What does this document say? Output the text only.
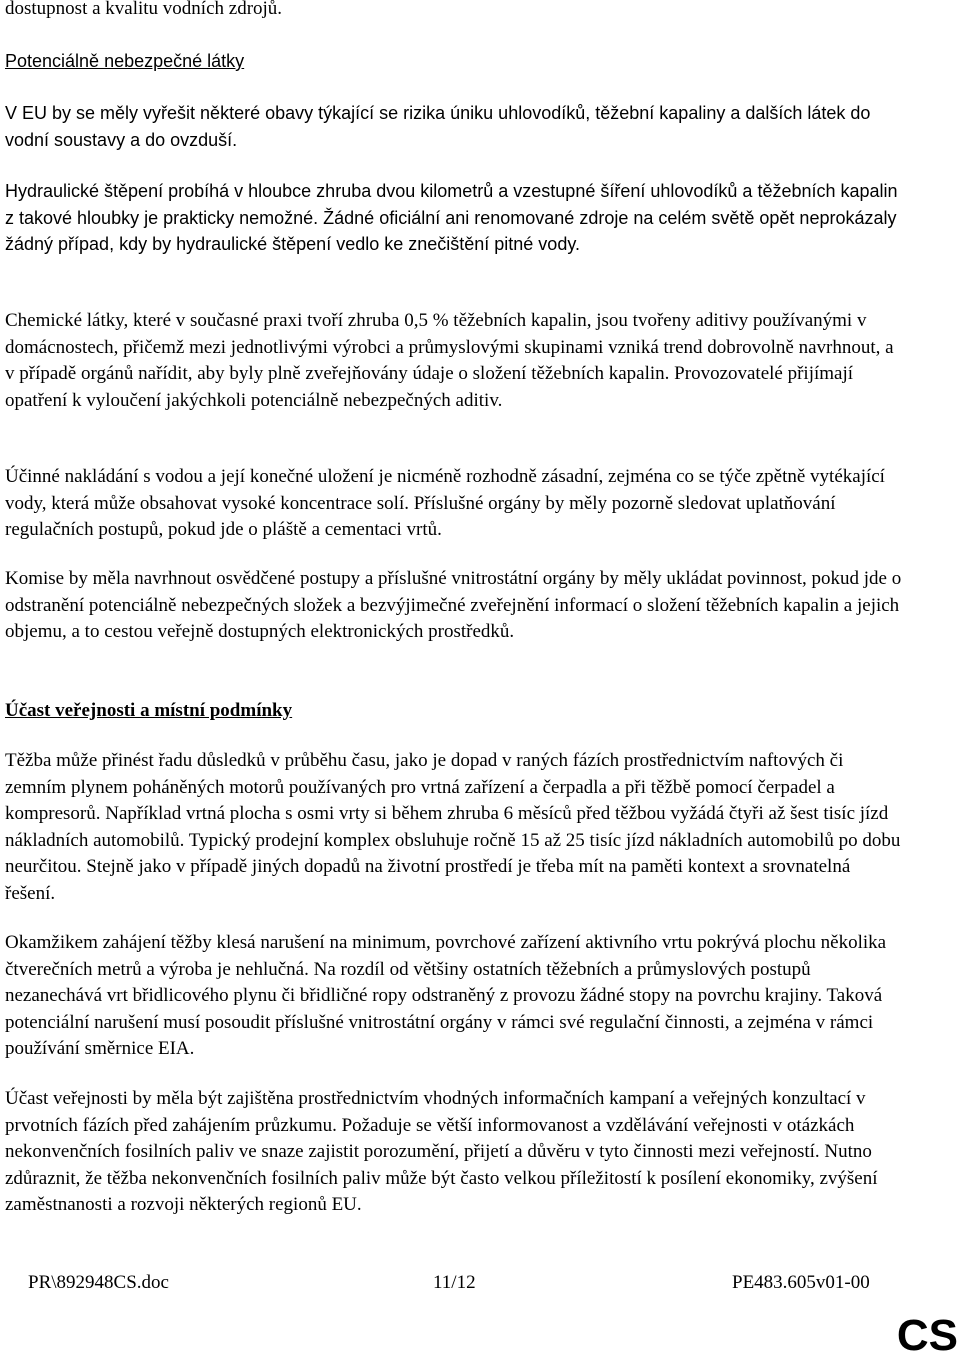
dostupnost a kvalitu vodních zdrojů.

Potenciálně nebezpečné látky

V EU by se měly vyřešit některé obavy týkající se rizika úniku uhlovodíků, těžební kapaliny a dalších látek do vodní soustavy a do ovzduší.

Hydraulické štěpení probíhá v hloubce zhruba dvou kilometrů a vzestupné šíření uhlovodíků a těžebních kapalin z takové hloubky je prakticky nemožné. Žádné oficiální ani renomované zdroje na celém světě opět neprokázaly žádný případ, kdy by hydraulické štěpení vedlo ke znečištění pitné vody.

Chemické látky, které v současné praxi tvoří zhruba 0,5 % těžebních kapalin, jsou tvořeny aditivy používanými v domácnostech, přičemž mezi jednotlivými výrobci a průmyslovými skupinami vzniká trend dobrovolně navrhnout, a v případě orgánů nařídit, aby byly plně zveřejňovány údaje o složení těžebních kapalin. Provozovatelé přijímají opatření k vyloučení jakýchkoli potenciálně nebezpečných aditiv.

Účinné nakládání s vodou a její konečné uložení je nicméně rozhodně zásadní, zejména co se týče zpětně vytékající vody, která může obsahovat vysoké koncentrace solí. Příslušné orgány by měly pozorně sledovat uplatňování regulačních postupů, pokud jde o pláště a cementaci vrtů.

Komise by měla navrhnout osvědčené postupy a příslušné vnitrostátní orgány by měly ukládat povinnost, pokud jde o odstranění potenciálně nebezpečných složek a bezvýjimečné zveřejnění informací o složení těžebních kapalin a jejich objemu, a to cestou veřejně dostupných elektronických prostředků.

Účast veřejnosti a místní podmínky

Těžba může přinést řadu důsledků v průběhu času, jako je dopad v raných fázích prostřednictvím naftových či zemním plynem poháněných motorů používaných pro vrtná zařízení a čerpadla a při těžbě pomocí čerpadel a kompresorů. Například vrtná plocha s osmi vrty si během zhruba 6 měsíců před těžbou vyžádá čtyři až šest tisíc jízd nákladních automobilů. Typický prodejní komplex obsluhuje ročně 15 až 25 tisíc jízd nákladních automobilů po dobu neurčitou. Stejně jako v případě jiných dopadů na životní prostředí je třeba mít na paměti kontext a srovnatelná řešení.

Okamžikem zahájení těžby klesá narušení na minimum, povrchové zařízení aktivního vrtu pokrývá plochu několika čtverečních metrů a výroba je nehlučná. Na rozdíl od většiny ostatních těžebních a průmyslových postupů nezanechává vrt břidlicového plynu či břidličné ropy odstraněný z provozu žádné stopy na povrchu krajiny. Taková potenciální narušení musí posoudit příslušné vnitrostátní orgány v rámci své regulační činnosti, a zejména v rámci používání směrnice EIA.

Účast veřejnosti by měla být zajištěna prostřednictvím vhodných informačních kampaní a veřejných konzultací v prvotních fázích před zahájením průzkumu. Požaduje se větší informovanost a vzdělávání veřejnosti v otázkách nekonvenčních fosilních paliv ve snaze zajistit porozumění, přijetí a důvěru v tyto činnosti mezi veřejností. Nutno zdůraznit, že těžba nekonvenčních fosilních paliv může být často velkou příležitostí k posílení ekonomiky, zvýšení zaměstnanosti a rozvoji některých regionů EU.

PR\892948CS.doc	11/12	PE483.605v01-00
CS
